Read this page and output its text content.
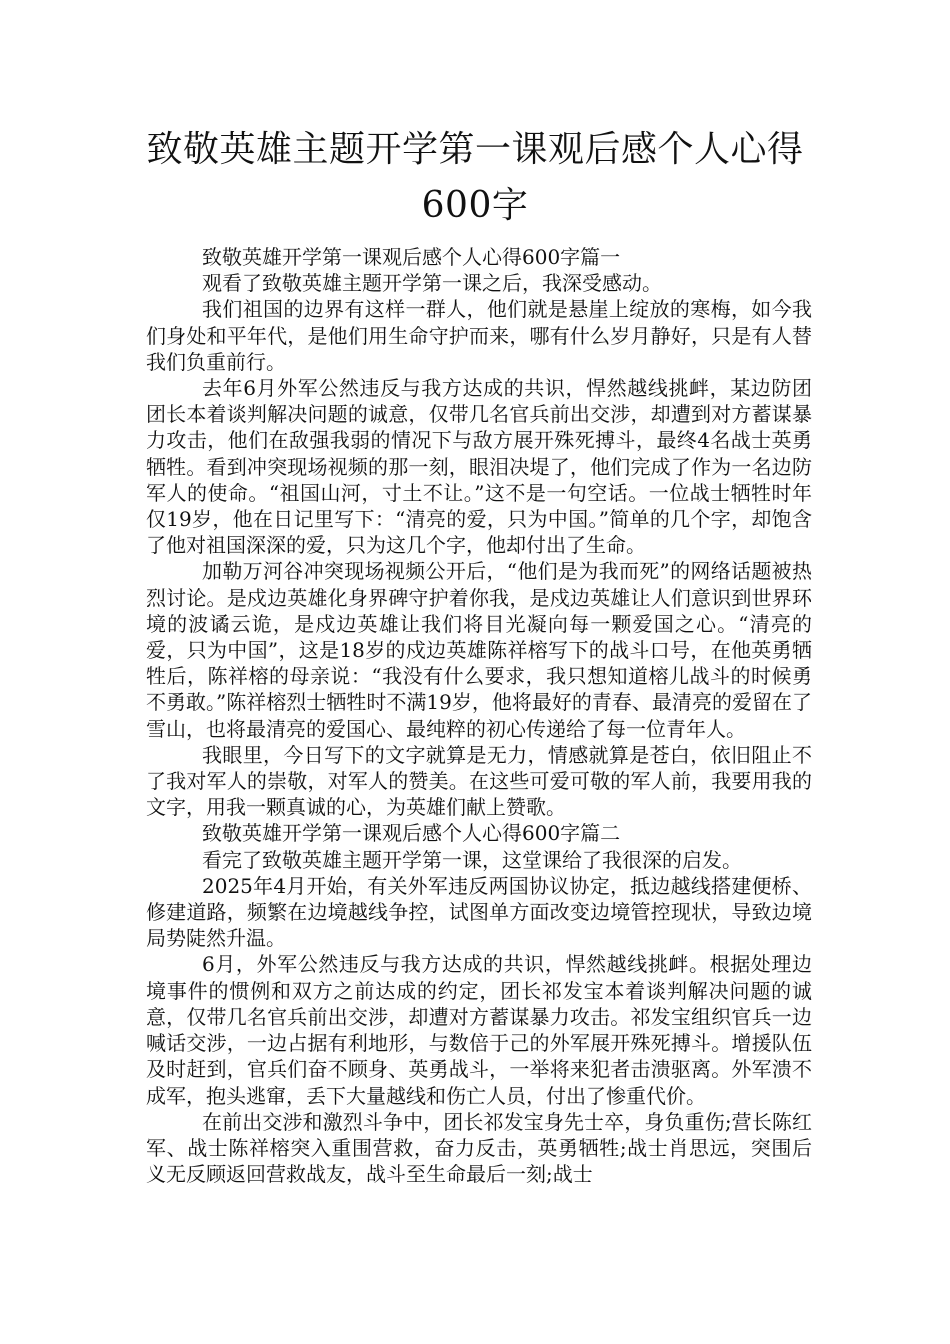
致敬英雄主题开学第一课观后感个人心得600字

致敬英雄开学第一课观后感个人心得600字篇一

观看了致敬英雄主题开学第一课之后，我深受感动。

我们祖国的边界有这样一群人，他们就是悬崖上绽放的寒梅，如今我们身处和平年代，是他们用生命守护而来，哪有什么岁月静好，只是有人替我们负重前行。

去年6月外军公然违反与我方达成的共识，悍然越线挑衅，某边防团团长本着谈判解决问题的诚意，仅带几名官兵前出交涉，却遭到对方蓄谋暴力攻击，他们在敌强我弱的情况下与敌方展开殊死搏斗，最终4名战士英勇牺牲。看到冲突现场视频的那一刻，眼泪决堤了，他们完成了作为一名边防军人的使命。“祖国山河，寸土不让。”这不是一句空话。一位战士牺牲时年仅19岁，他在日记里写下：“清亮的爱，只为中国。”简单的几个字，却饱含了他对祖国深深的爱，只为这几个字，他却付出了生命。

加勒万河谷冲突现场视频公开后，“他们是为我而死”的网络话题被热烈讨论。是戍边英雄化身界碑守护着你我，是戍边英雄让人们意识到世界环境的波谲云诡，是戍边英雄让我们将目光凝向每一颗爱国之心。“清亮的爱，只为中国”，这是18岁的戍边英雄陈祥榕写下的战斗口号，在他英勇牺牲后，陈祥榕的母亲说：“我没有什么要求，我只想知道榕儿战斗的时候勇不勇敢。”陈祥榕烈士牺牲时不满19岁，他将最好的青春、最清亮的爱留在了雪山，也将最清亮的爱国心、最纯粹的初心传递给了每一位青年人。

我眼里，今日写下的文字就算是无力，情感就算是苍白，依旧阻止不了我对军人的崇敬，对军人的赞美。在这些可爱可敬的军人前，我要用我的文字，用我一颗真诚的心，为英雄们献上赞歌。

致敬英雄开学第一课观后感个人心得600字篇二

看完了致敬英雄主题开学第一课，这堂课给了我很深的启发。

2025年4月开始，有关外军违反两国协议协定，抵边越线搭建便桥、修建道路，频繁在边境越线争控，试图单方面改变边境管控现状，导致边境局势陡然升温。

6月，外军公然违反与我方达成的共识，悍然越线挑衅。根据处理边境事件的惯例和双方之前达成的约定，团长祁发宝本着谈判解决问题的诚意，仅带几名官兵前出交涉，却遭对方蓄谋暴力攻击。祁发宝组织官兵一边喊话交涉，一边占据有利地形，与数倍于己的外军展开殊死搏斗。增援队伍及时赶到，官兵们奋不顾身、英勇战斗，一举将来犯者击溃驱离。外军溃不成军，抱头逃窜，丢下大量越线和伤亡人员，付出了惨重代价。

在前出交涉和激烈斗争中，团长祁发宝身先士卒，身负重伤;营长陈红军、战士陈祥榕突入重围营救，奋力反击，英勇牺牲;战士肖思远，突围后义无反顾返回营救战友，战斗至生命最后一刻;战士
